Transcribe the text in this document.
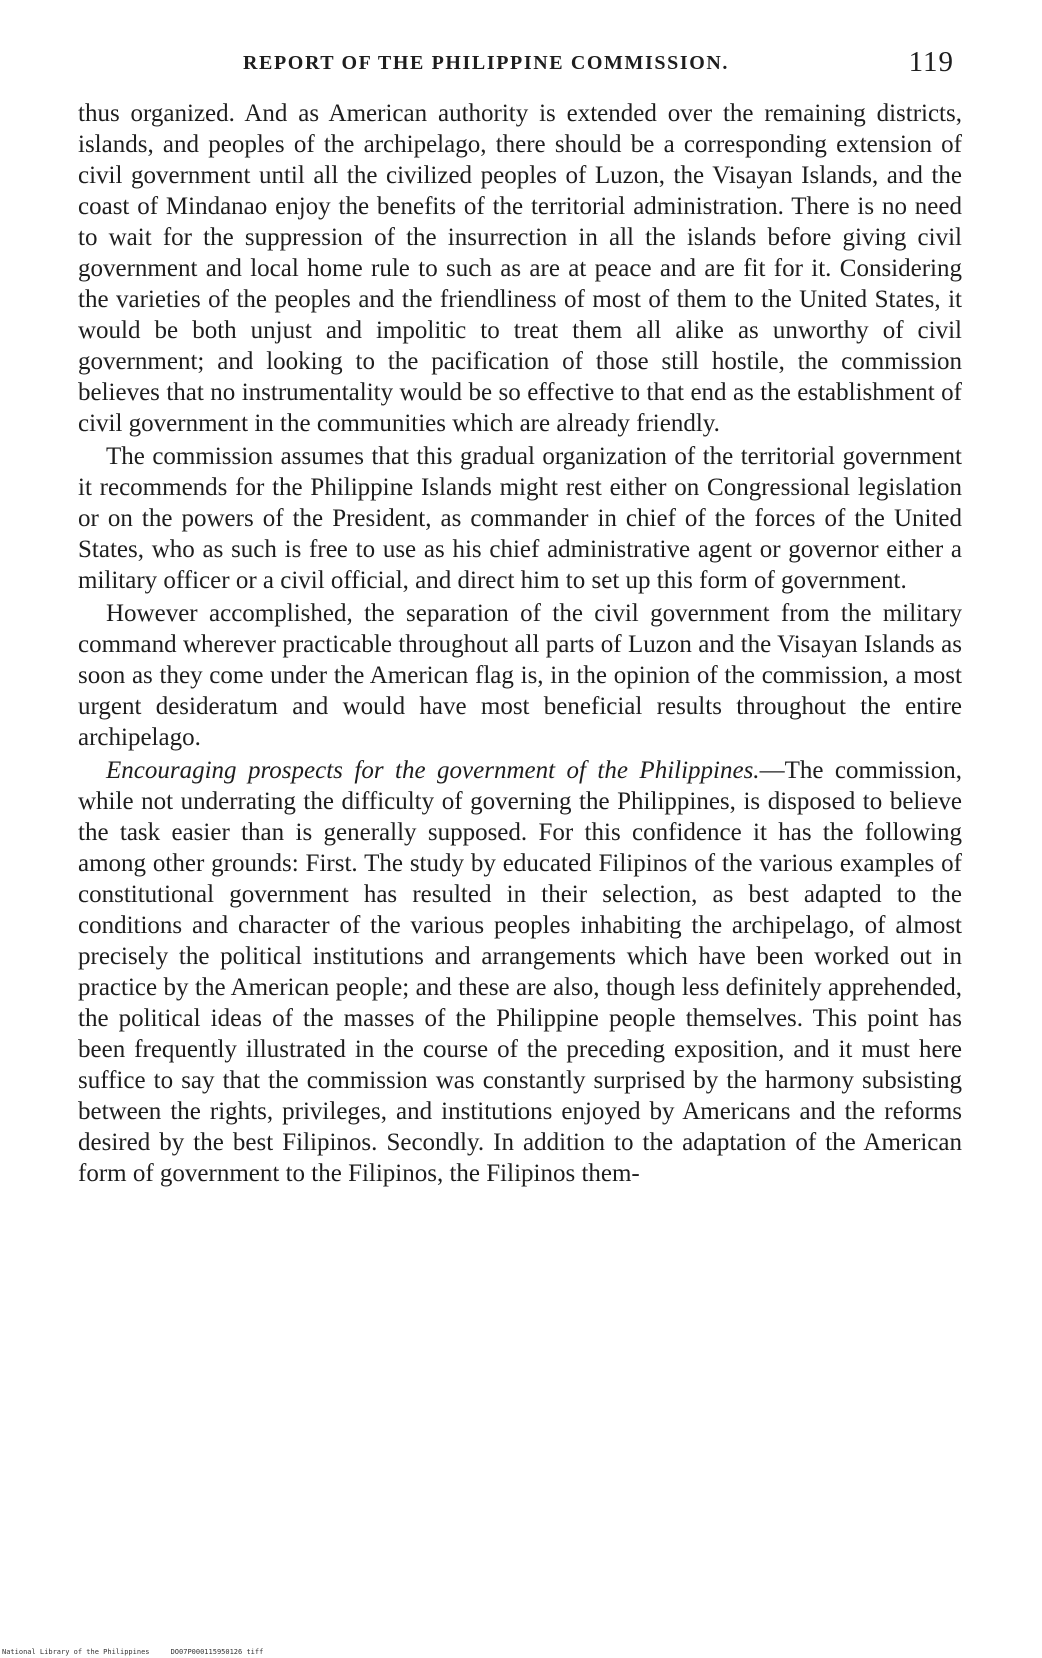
REPORT OF THE PHILIPPINE COMMISSION.	119

thus organized. And as American authority is extended over the remaining districts, islands, and peoples of the archipelago, there should be a corresponding extension of civil government until all the civilized peoples of Luzon, the Visayan Islands, and the coast of Mindanao enjoy the benefits of the territorial administration. There is no need to wait for the suppression of the insurrection in all the islands before giving civil government and local home rule to such as are at peace and are fit for it. Considering the varieties of the peoples and the friendliness of most of them to the United States, it would be both unjust and impolitic to treat them all alike as unworthy of civil government; and looking to the pacification of those still hostile, the commission believes that no instrumentality would be so effective to that end as the establishment of civil government in the communities which are already friendly.

The commission assumes that this gradual organization of the territorial government it recommends for the Philippine Islands might rest either on Congressional legislation or on the powers of the President, as commander in chief of the forces of the United States, who as such is free to use as his chief administrative agent or governor either a military officer or a civil official, and direct him to set up this form of government.

However accomplished, the separation of the civil government from the military command wherever practicable throughout all parts of Luzon and the Visayan Islands as soon as they come under the American flag is, in the opinion of the commission, a most urgent desideratum and would have most beneficial results throughout the entire archipelago.

Encouraging prospects for the government of the Philippines.—The commission, while not underrating the difficulty of governing the Philippines, is disposed to believe the task easier than is generally supposed. For this confidence it has the following among other grounds: First. The study by educated Filipinos of the various examples of constitutional government has resulted in their selection, as best adapted to the conditions and character of the various peoples inhabiting the archipelago, of almost precisely the political institutions and arrangements which have been worked out in practice by the American people; and these are also, though less definitely apprehended, the political ideas of the masses of the Philippine people themselves. This point has been frequently illustrated in the course of the preceding exposition, and it must here suffice to say that the commission was constantly surprised by the harmony subsisting between the rights, privileges, and institutions enjoyed by Americans and the reforms desired by the best Filipinos. Secondly. In addition to the adaptation of the American form of government to the Filipinos, the Filipinos them-

National Library of the Philippines	DO07P000115950126 tiff
